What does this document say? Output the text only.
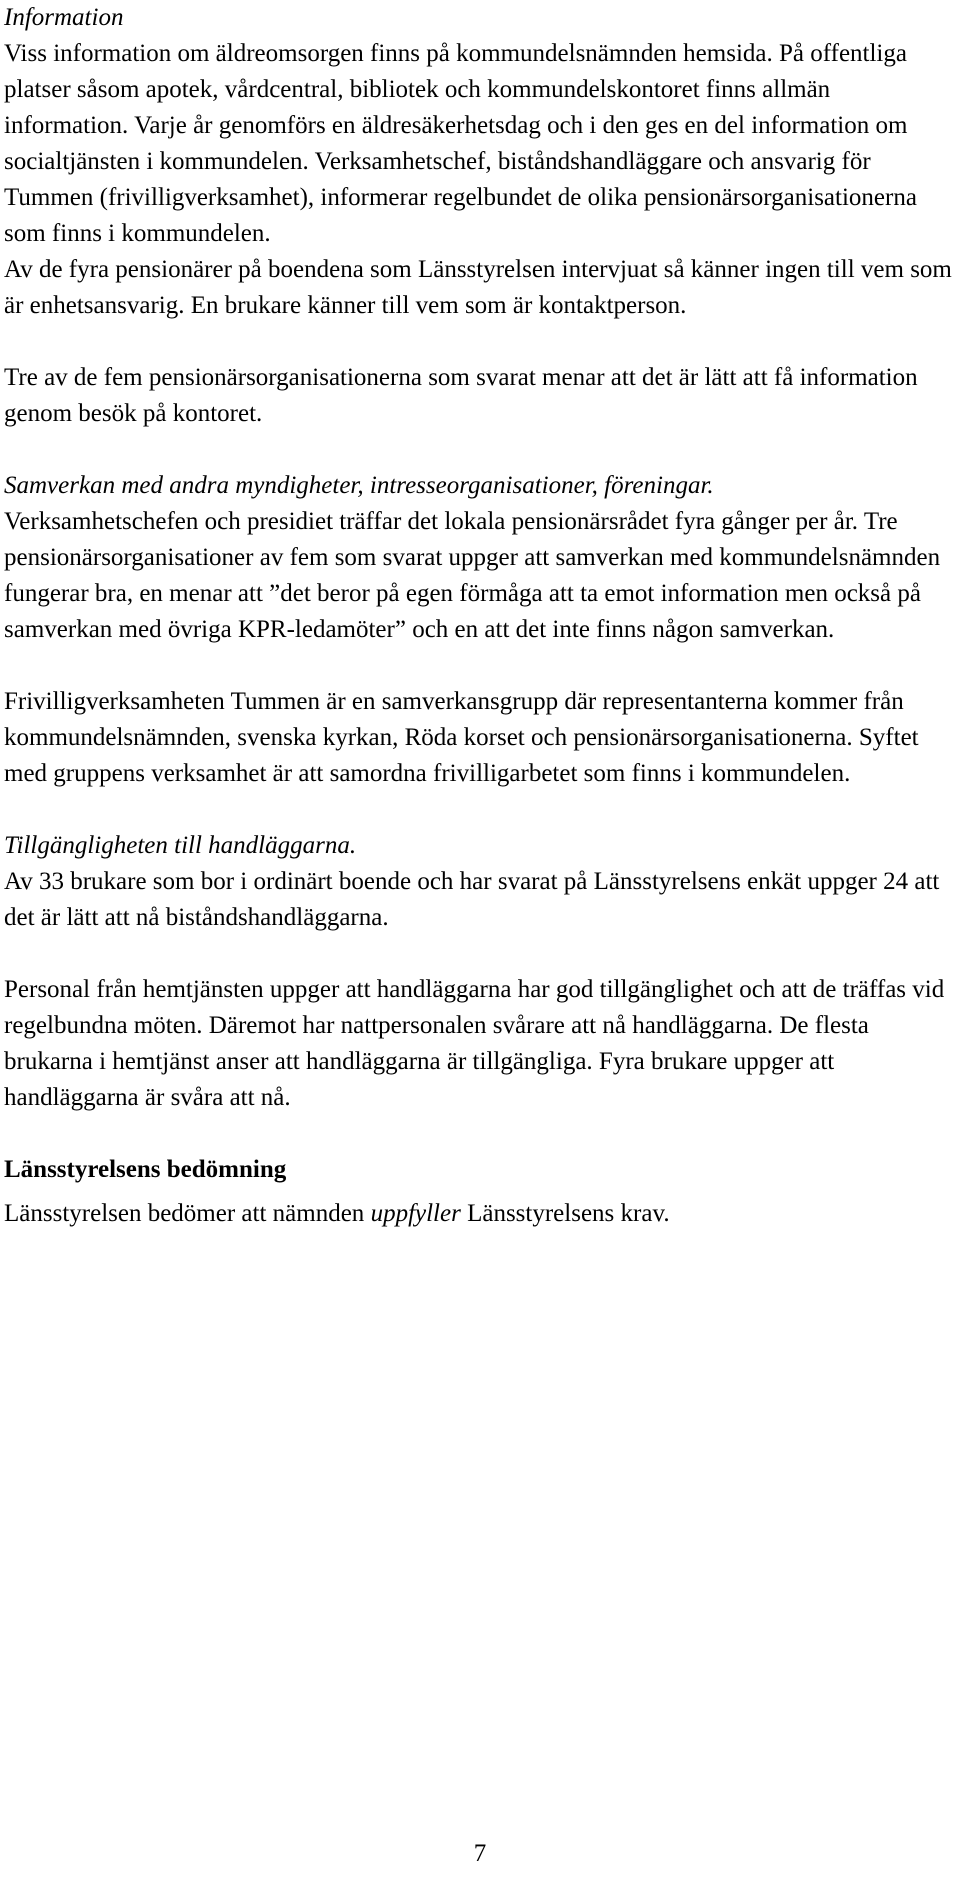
Information

Viss information om äldreomsorgen finns på kommundelsnämnden hemsida. På offentliga platser såsom apotek, vårdcentral, bibliotek och kommundelskontoret finns allmän information. Varje år genomförs en äldresäkerhetsdag och i den ges en del information om socialtjänsten i kommundelen. Verksamhetschef, biståndshandläggare och ansvarig för Tummen (frivilligverksamhet), informerar regelbundet de olika pensionärsorganisationerna som finns i kommundelen.

Av de fyra pensionärer på boendena som Länsstyrelsen intervjuat så känner ingen till vem som är enhetsansvarig. En brukare känner till vem som är kontaktperson.

Tre av de fem pensionärsorganisationerna som svarat menar att det är lätt att få information genom besök på kontoret.

Samverkan med andra myndigheter, intresseorganisationer, föreningar.

Verksamhetschefen och presidiet träffar det lokala pensionärsrådet fyra gånger per år. Tre pensionärsorganisationer av fem som svarat uppger att samverkan med kommundelsnämnden fungerar bra, en menar att ”det beror på egen förmåga att ta emot information men också på samverkan med övriga KPR-ledamöter” och en att det inte finns någon samverkan.

Frivilligverksamheten Tummen är en samverkansgrupp där representanterna kommer från kommundelsnämnden, svenska kyrkan, Röda korset och pensionärsorganisationerna. Syftet med gruppens verksamhet är att samordna frivilligarbetet som finns i kommundelen.

Tillgängligheten till handläggarna.

Av 33 brukare som bor i ordinärt boende och har svarat på Länsstyrelsens enkät uppger 24 att det är lätt att nå biståndshandläggarna.

Personal från hemtjänsten uppger att handläggarna har god tillgänglighet och att de träffas vid regelbundna möten. Däremot har nattpersonalen svårare att nå handläggarna. De flesta brukarna i hemtjänst anser att handläggarna är tillgängliga. Fyra brukare uppger att handläggarna är svåra att nå.

Länsstyrelsens bedömning

Länsstyrelsen bedömer att nämnden uppfyller Länsstyrelsens krav.

7
